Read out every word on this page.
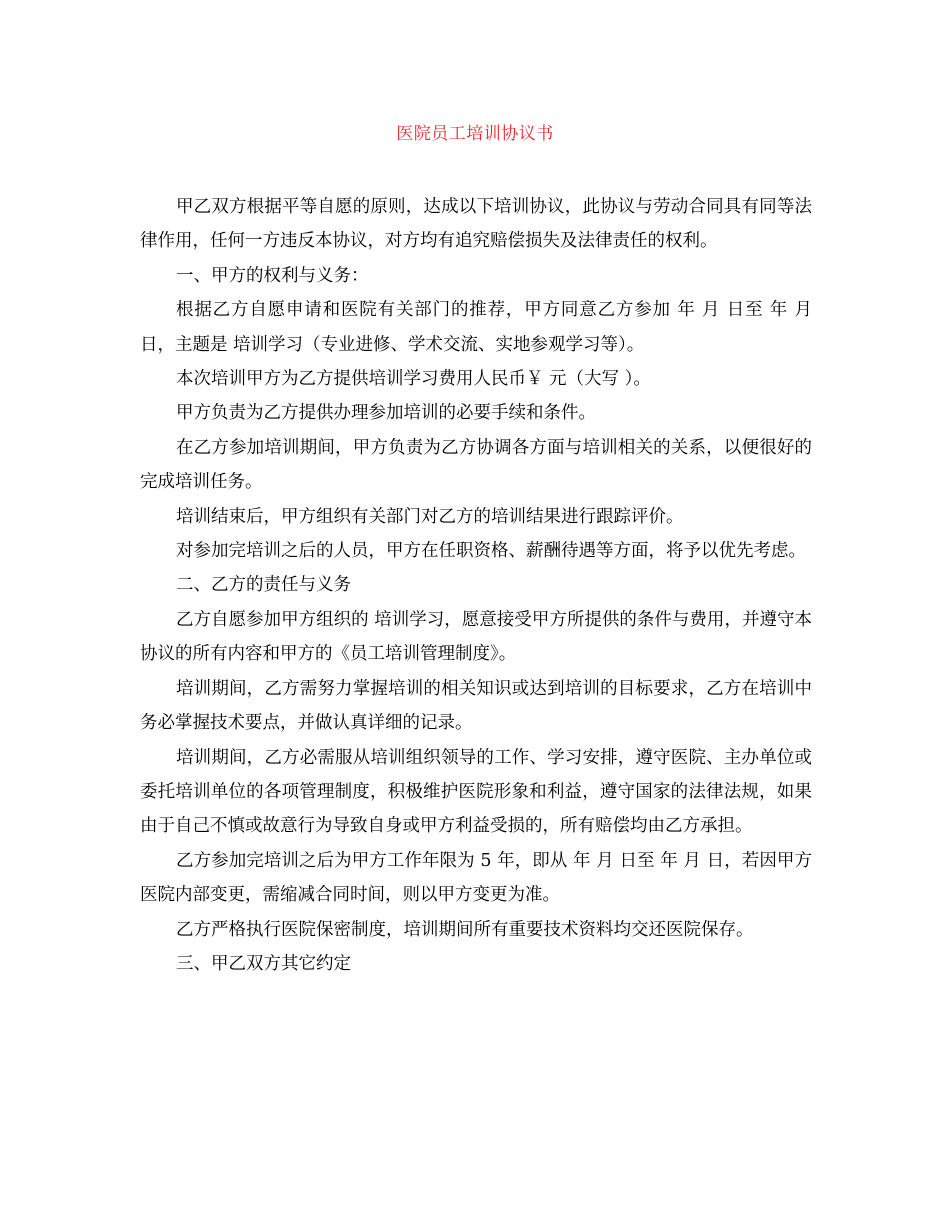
医院员工培训协议书

甲乙双方根据平等自愿的原则，达成以下培训协议，此协议与劳动合同具有同等法律作用，任何一方违反本协议，对方均有追究赔偿损失及法律责任的权利。

一、甲方的权利与义务：

根据乙方自愿申请和医院有关部门的推荐，甲方同意乙方参加 年 月 日至 年 月 日，主题是 培训学习（专业进修、学术交流、实地参观学习等）。

本次培训甲方为乙方提供培训学习费用人民币￥ 元（大写 ）。

甲方负责为乙方提供办理参加培训的必要手续和条件。

在乙方参加培训期间，甲方负责为乙方协调各方面与培训相关的关系，以便很好的完成培训任务。

培训结束后，甲方组织有关部门对乙方的培训结果进行跟踪评价。

对参加完培训之后的人员，甲方在任职资格、薪酬待遇等方面，将予以优先考虑。

二、乙方的责任与义务

乙方自愿参加甲方组织的 培训学习，愿意接受甲方所提供的条件与费用，并遵守本协议的所有内容和甲方的《员工培训管理制度》。

培训期间，乙方需努力掌握培训的相关知识或达到培训的目标要求，乙方在培训中务必掌握技术要点，并做认真详细的记录。

培训期间，乙方必需服从培训组织领导的工作、学习安排，遵守医院、主办单位或委托培训单位的各项管理制度，积极维护医院形象和利益，遵守国家的法律法规，如果由于自己不慎或故意行为导致自身或甲方利益受损的，所有赔偿均由乙方承担。

乙方参加完培训之后为甲方工作年限为 5 年，即从 年 月 日至 年 月 日，若因甲方医院内部变更，需缩减合同时间，则以甲方变更为准。

乙方严格执行医院保密制度，培训期间所有重要技术资料均交还医院保存。

三、甲乙双方其它约定
